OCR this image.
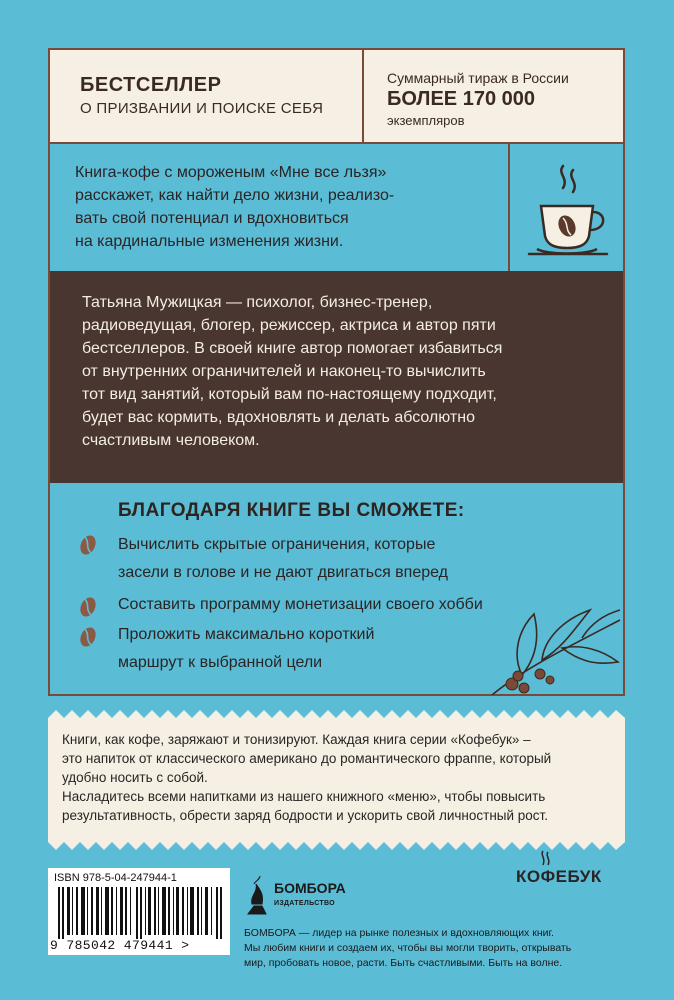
БЕСТСЕЛЛЕР
О ПРИЗВАНИИ И ПОИСКЕ СЕБЯ
Суммарный тираж в России
БОЛЕЕ 170 000
экземпляров
Книга-кофе с мороженым «Мне все льзя»
расскажет, как найти дело жизни, реализо-
вать свой потенциал и вдохновиться
на кардинальные изменения жизни.
Татьяна Мужицкая — психолог, бизнес-тренер,
радиоведущая, блогер, режиссер, актриса и автор пяти
бестселлеров. В своей книге автор помогает избавиться
от внутренних ограничителей и наконец-то вычислить
тот вид занятий, который вам по-настоящему подходит,
будет вас кормить, вдохновлять и делать абсолютно
счастливым человеком.
БЛАГОДАРЯ КНИГЕ ВЫ СМОЖЕТЕ:
Вычислить скрытые ограничения, которые
засели в голове и не дают двигаться вперед
Составить программу монетизации своего хобби
Проложить максимально короткий
маршрут к выбранной цели
Книги, как кофе, заряжают и тонизируют. Каждая книга серии «Кофебук» –
это напиток от классического американо до романтического фраппе, который
удобно носить с собой.
Насладитесь всеми напитками из нашего книжного «меню», чтобы повысить
результативность, обрести заряд бодрости и ускорить свой личностный рост.
КОФЕБУК
ISBN 978-5-04-247944-1
9 785042 479441 >
БОМБОРА
ИЗДАТЕЛЬСТВО
БОМБОРА — лидер на рынке полезных и вдохновляющих книг.
Мы любим книги и создаем их, чтобы вы могли творить, открывать
мир, пробовать новое, расти. Быть счастливыми. Быть на волне.
